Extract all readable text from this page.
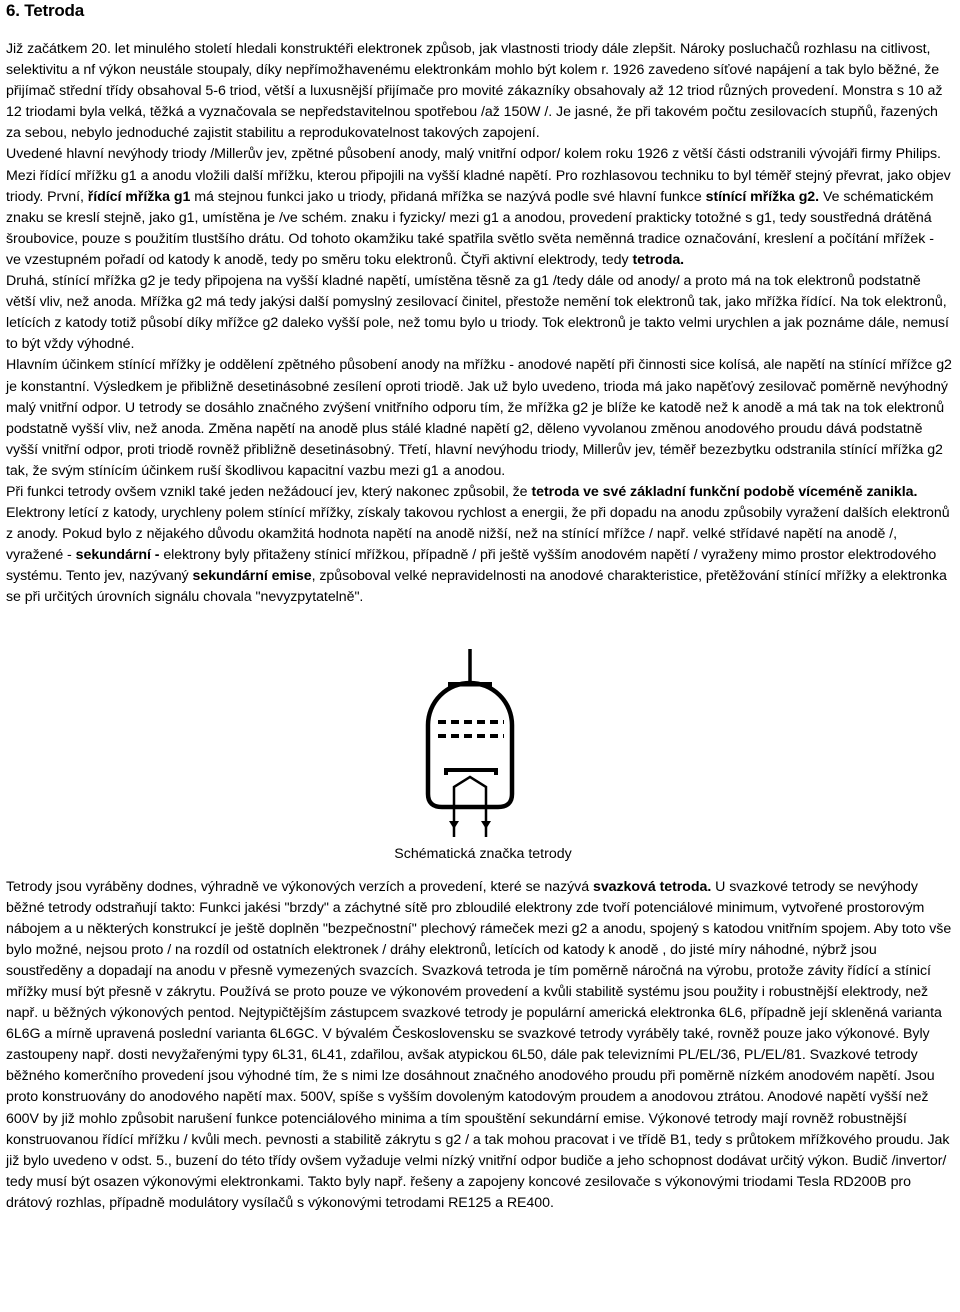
6. Tetroda

Již začátkem 20. let minulého století hledali konstruktéři elektronek způsob, jak vlastnosti triody dále zlepšit. Nároky posluchačů rozhlasu na citlivost, selektivitu a nf výkon neustále stoupaly, díky nepřímožhavenému elektronkám mohlo být kolem r. 1926 zavedeno síťové napájení a tak bylo běžné, že přijímač střední třídy obsahoval 5-6 triod, větší a luxusnější přijímače pro movité zákazníky obsahovaly až 12 triod různých provedení. Monstra s 10 až 12 triodami byla velká, těžká a vyznačovala se nepředstavitelnou spotřebou /až 150W /. Je jasné, že při takovém počtu zesilovacích stupňů, řazených za sebou, nebylo jednoduché zajistit stabilitu a reprodukovatelnost takových zapojení.

Uvedené hlavní nevýhody triody /Millerův jev, zpětné působení anody, malý vnitřní odpor/ kolem roku 1926 z větší části odstranili vývojáři firmy Philips. Mezi řídící mřížku g1 a anodu vložili další mřížku, kterou připojili na vyšší kladné napětí. Pro rozhlasovou techniku to byl téměř stejný převrat, jako objev triody. První, řídící mřížka g1 má stejnou funkci jako u triody, přidaná mřížka se nazývá podle své hlavní funkce stínící mřížka g2. Ve schématickém znaku se kreslí stejně, jako g1, umístěna je /ve schém. znaku i fyzicky/ mezi g1 a anodou, provedení prakticky totožné s g1, tedy soustředná drátěná šroubovice, pouze s použitím tlustšího drátu. Od tohoto okamžiku také spatřila světlo světa neměnná tradice označování, kreslení a počítání mřížek - ve vzestupném pořadí od katody k anodě, tedy po směru toku elektronů. Čtyři aktivní elektrody, tedy tetroda.

Druhá, stínící mřížka g2 je tedy připojena na vyšší kladné napětí, umístěna těsně za g1 /tedy dále od anody/ a proto má na tok elektronů podstatně větší vliv, než anoda. Mřížka g2 má tedy jakýsi další pomyslný zesilovací činitel, přestože nemění tok elektronů tak, jako mřížka řídící. Na tok elektronů, letících z katody totiž působí díky mřížce g2 daleko vyšší pole, než tomu bylo u triody. Tok elektronů je takto velmi urychlen a jak poznáme dále, nemusí to být vždy výhodné.

Hlavním účinkem stínící mřížky je oddělení zpětného působení anody na mřížku - anodové napětí při činnosti sice kolísá, ale napětí na stínící mřížce g2 je konstantní. Výsledkem je přibližně desetinásobné zesílení oproti triodě. Jak už bylo uvedeno, trioda má jako napěťový zesilovač poměrně nevýhodný malý vnitřní odpor. U tetrody se dosáhlo značného zvýšení vnitřního odporu tím, že mřížka g2 je blíže ke katodě než k anodě a má tak na tok elektronů podstatně vyšší vliv, než anoda. Změna napětí na anodě plus stálé kladné napětí g2, děleno vyvolanou změnou anodového proudu dává podstatně vyšší vnitřní odpor, proti triodě rovněž přibližně desetinásobný. Třetí, hlavní nevýhodu triody, Millerův jev, téměř bezezbytku odstranila stínící mřížka g2 tak, že svým stínícím účinkem ruší škodlivou kapacitní vazbu mezi g1 a anodou.

Při funkci tetrody ovšem vznikl také jeden nežádoucí jev, který nakonec způsobil, že tetroda ve své základní funkční podobě víceméně zanikla. Elektrony letící z katody, urychleny polem stínící mřížky, získaly takovou rychlost a energii, že při dopadu na anodu způsobily vyražení dalších elektronů z anody. Pokud bylo z nějakého důvodu okamžitá hodnota napětí na anodě nižší, než na stínící mřížce / např. velké střídavé napětí na anodě /, vyražené - sekundární - elektrony byly přitaženy stínicí mřížkou, případně / při ještě vyšším anodovém napětí / vyraženy mimo prostor elektrodového systému. Tento jev, nazývaný sekundární emise, způsoboval velké nepravidelnosti na anodové charakteristice, přetěžování stínící mřížky a elektronka se při určitých úrovních signálu chovala "nevyzpytatelně".

Schématická značka tetrody

Tetrody jsou vyráběny dodnes, výhradně ve výkonových verzích a provedení, které se nazývá svazková tetroda. U svazkové tetrody se nevýhody běžné tetrody odstraňují takto: Funkci jakési "brzdy" a záchytné sítě pro zbloudilé elektrony zde tvoří potenciálové minimum, vytvořené prostorovým nábojem a u některých konstrukcí je ještě doplněn "bezpečnostní" plechový rámeček mezi g2 a anodu, spojený s katodou vnitřním spojem. Aby toto vše bylo možné, nejsou proto / na rozdíl od ostatních elektronek / dráhy elektronů, letících od katody k anodě , do jisté míry náhodné, nýbrž jsou soustředěny a dopadají na anodu v přesně vymezených svazcích. Svazková tetroda je tím poměrně náročná na výrobu, protože závity řídící a stínicí mřížky musí být přesně v zákrytu. Používá se proto pouze ve výkonovém provedení a kvůli stabilitě systému jsou použity i robustnější elektrody, než např. u běžných výkonových pentod. Nejtypičtějším zástupcem svazkové tetrody je populární americká elektronka 6L6, případně její skleněná varianta 6L6G a mírně upravená poslední varianta 6L6GC. V bývalém Československu se svazkové tetrody vyráběly také, rovněž pouze jako výkonové. Byly zastoupeny např. dosti nevyžařenými typy 6L31, 6L41, zdařilou, avšak atypickou 6L50, dále pak televizními PL/EL/36, PL/EL/81. Svazkové tetrody běžného komerčního provedení jsou výhodné tím, že s nimi lze dosáhnout značného anodového proudu při poměrně nízkém anodovém napětí. Jsou proto konstruovány do anodového napětí max. 500V, spíše s vyšším dovoleným katodovým proudem a anodovou ztrátou. Anodové napětí vyšší než 600V by již mohlo způsobit narušení funkce potenciálového minima a tím spouštění sekundární emise. Výkonové tetrody mají rovněž robustnější konstruovanou řídící mřížku / kvůli mech. pevnosti a stabilitě zákrytu s g2 / a tak mohou pracovat i ve třídě B1, tedy s průtokem mřížkového proudu. Jak již bylo uvedeno v odst. 5., buzení do této třídy ovšem vyžaduje velmi nízký vnitřní odpor budiče a jeho schopnost dodávat určitý výkon. Budič /invertor/ tedy musí být osazen výkonovými elektronkami. Takto byly např. řešeny a zapojeny koncové zesilovače s výkonovými triodami Tesla RD200B pro drátový rozhlas, případně modulátory vysílačů s výkonovými tetrodami RE125 a RE400.
